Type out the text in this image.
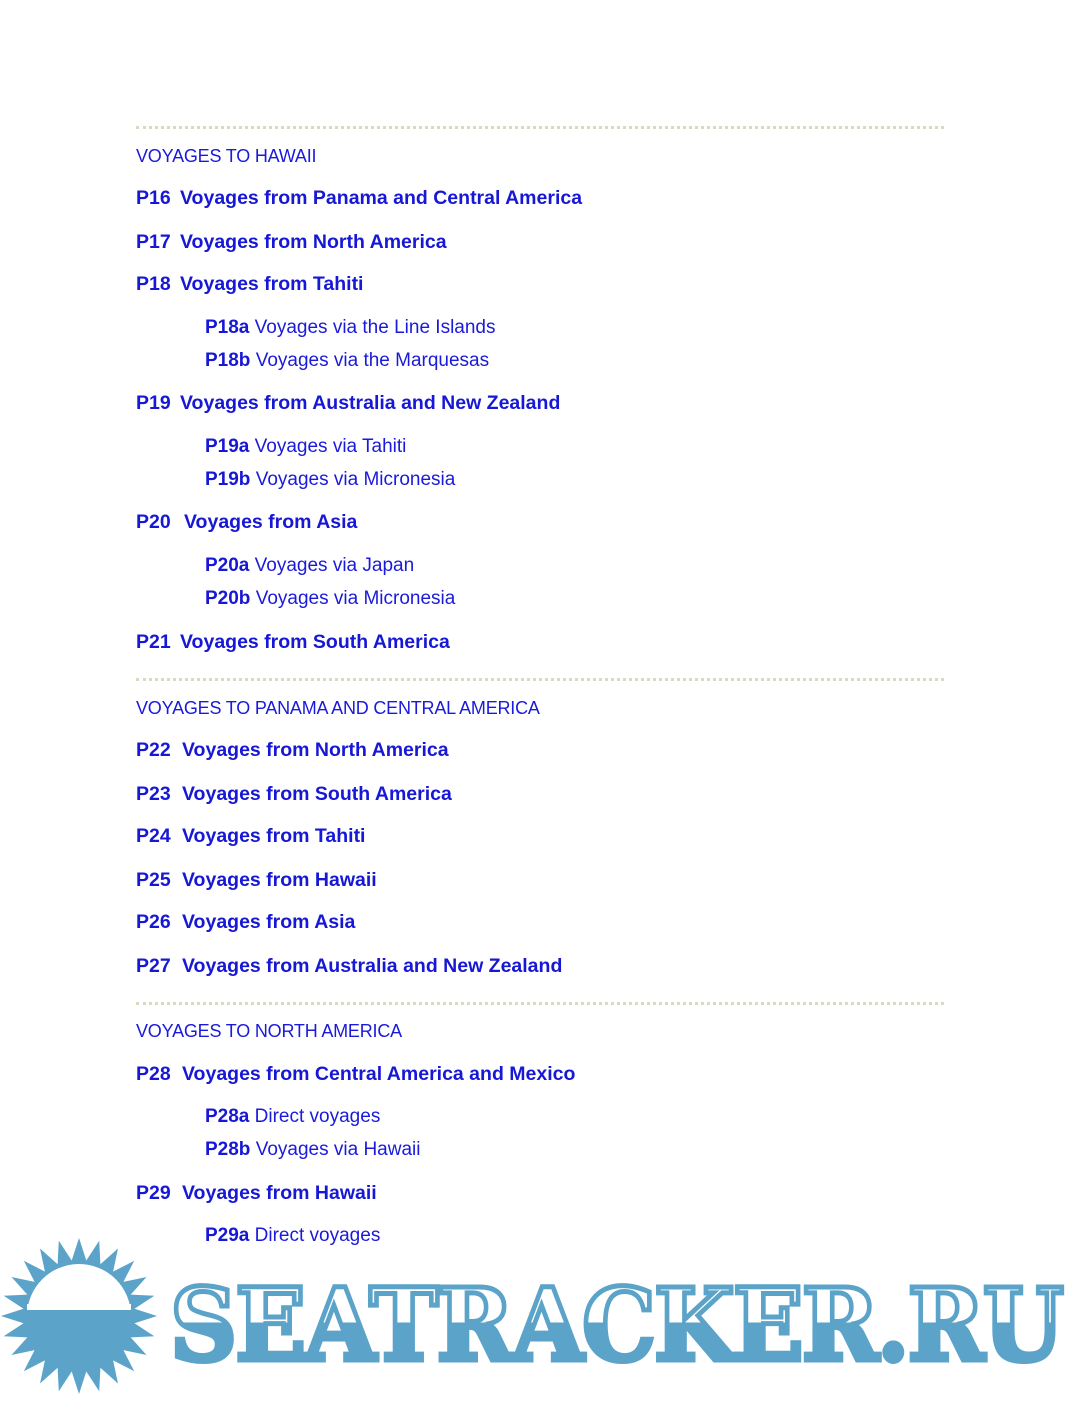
VOYAGES TO HAWAII
P16 Voyages from Panama and Central America
P17 Voyages from North America
P18 Voyages from Tahiti
P18a Voyages via the Line Islands
P18b Voyages via the Marquesas
P19 Voyages from Australia and New Zealand
P19a Voyages via Tahiti
P19b Voyages via Micronesia
P20 Voyages from Asia
P20a Voyages via Japan
P20b Voyages via Micronesia
P21 Voyages from South America
VOYAGES TO PANAMA AND CENTRAL AMERICA
P22 Voyages from North America
P23 Voyages from South America
P24 Voyages from Tahiti
P25 Voyages from Hawaii
P26 Voyages from Asia
P27 Voyages from Australia and New Zealand
VOYAGES TO NORTH AMERICA
P28 Voyages from Central America and Mexico
P28a Direct voyages
P28b Voyages via Hawaii
P29 Voyages from Hawaii
P29a Direct voyages
SEATRACKER.RU
